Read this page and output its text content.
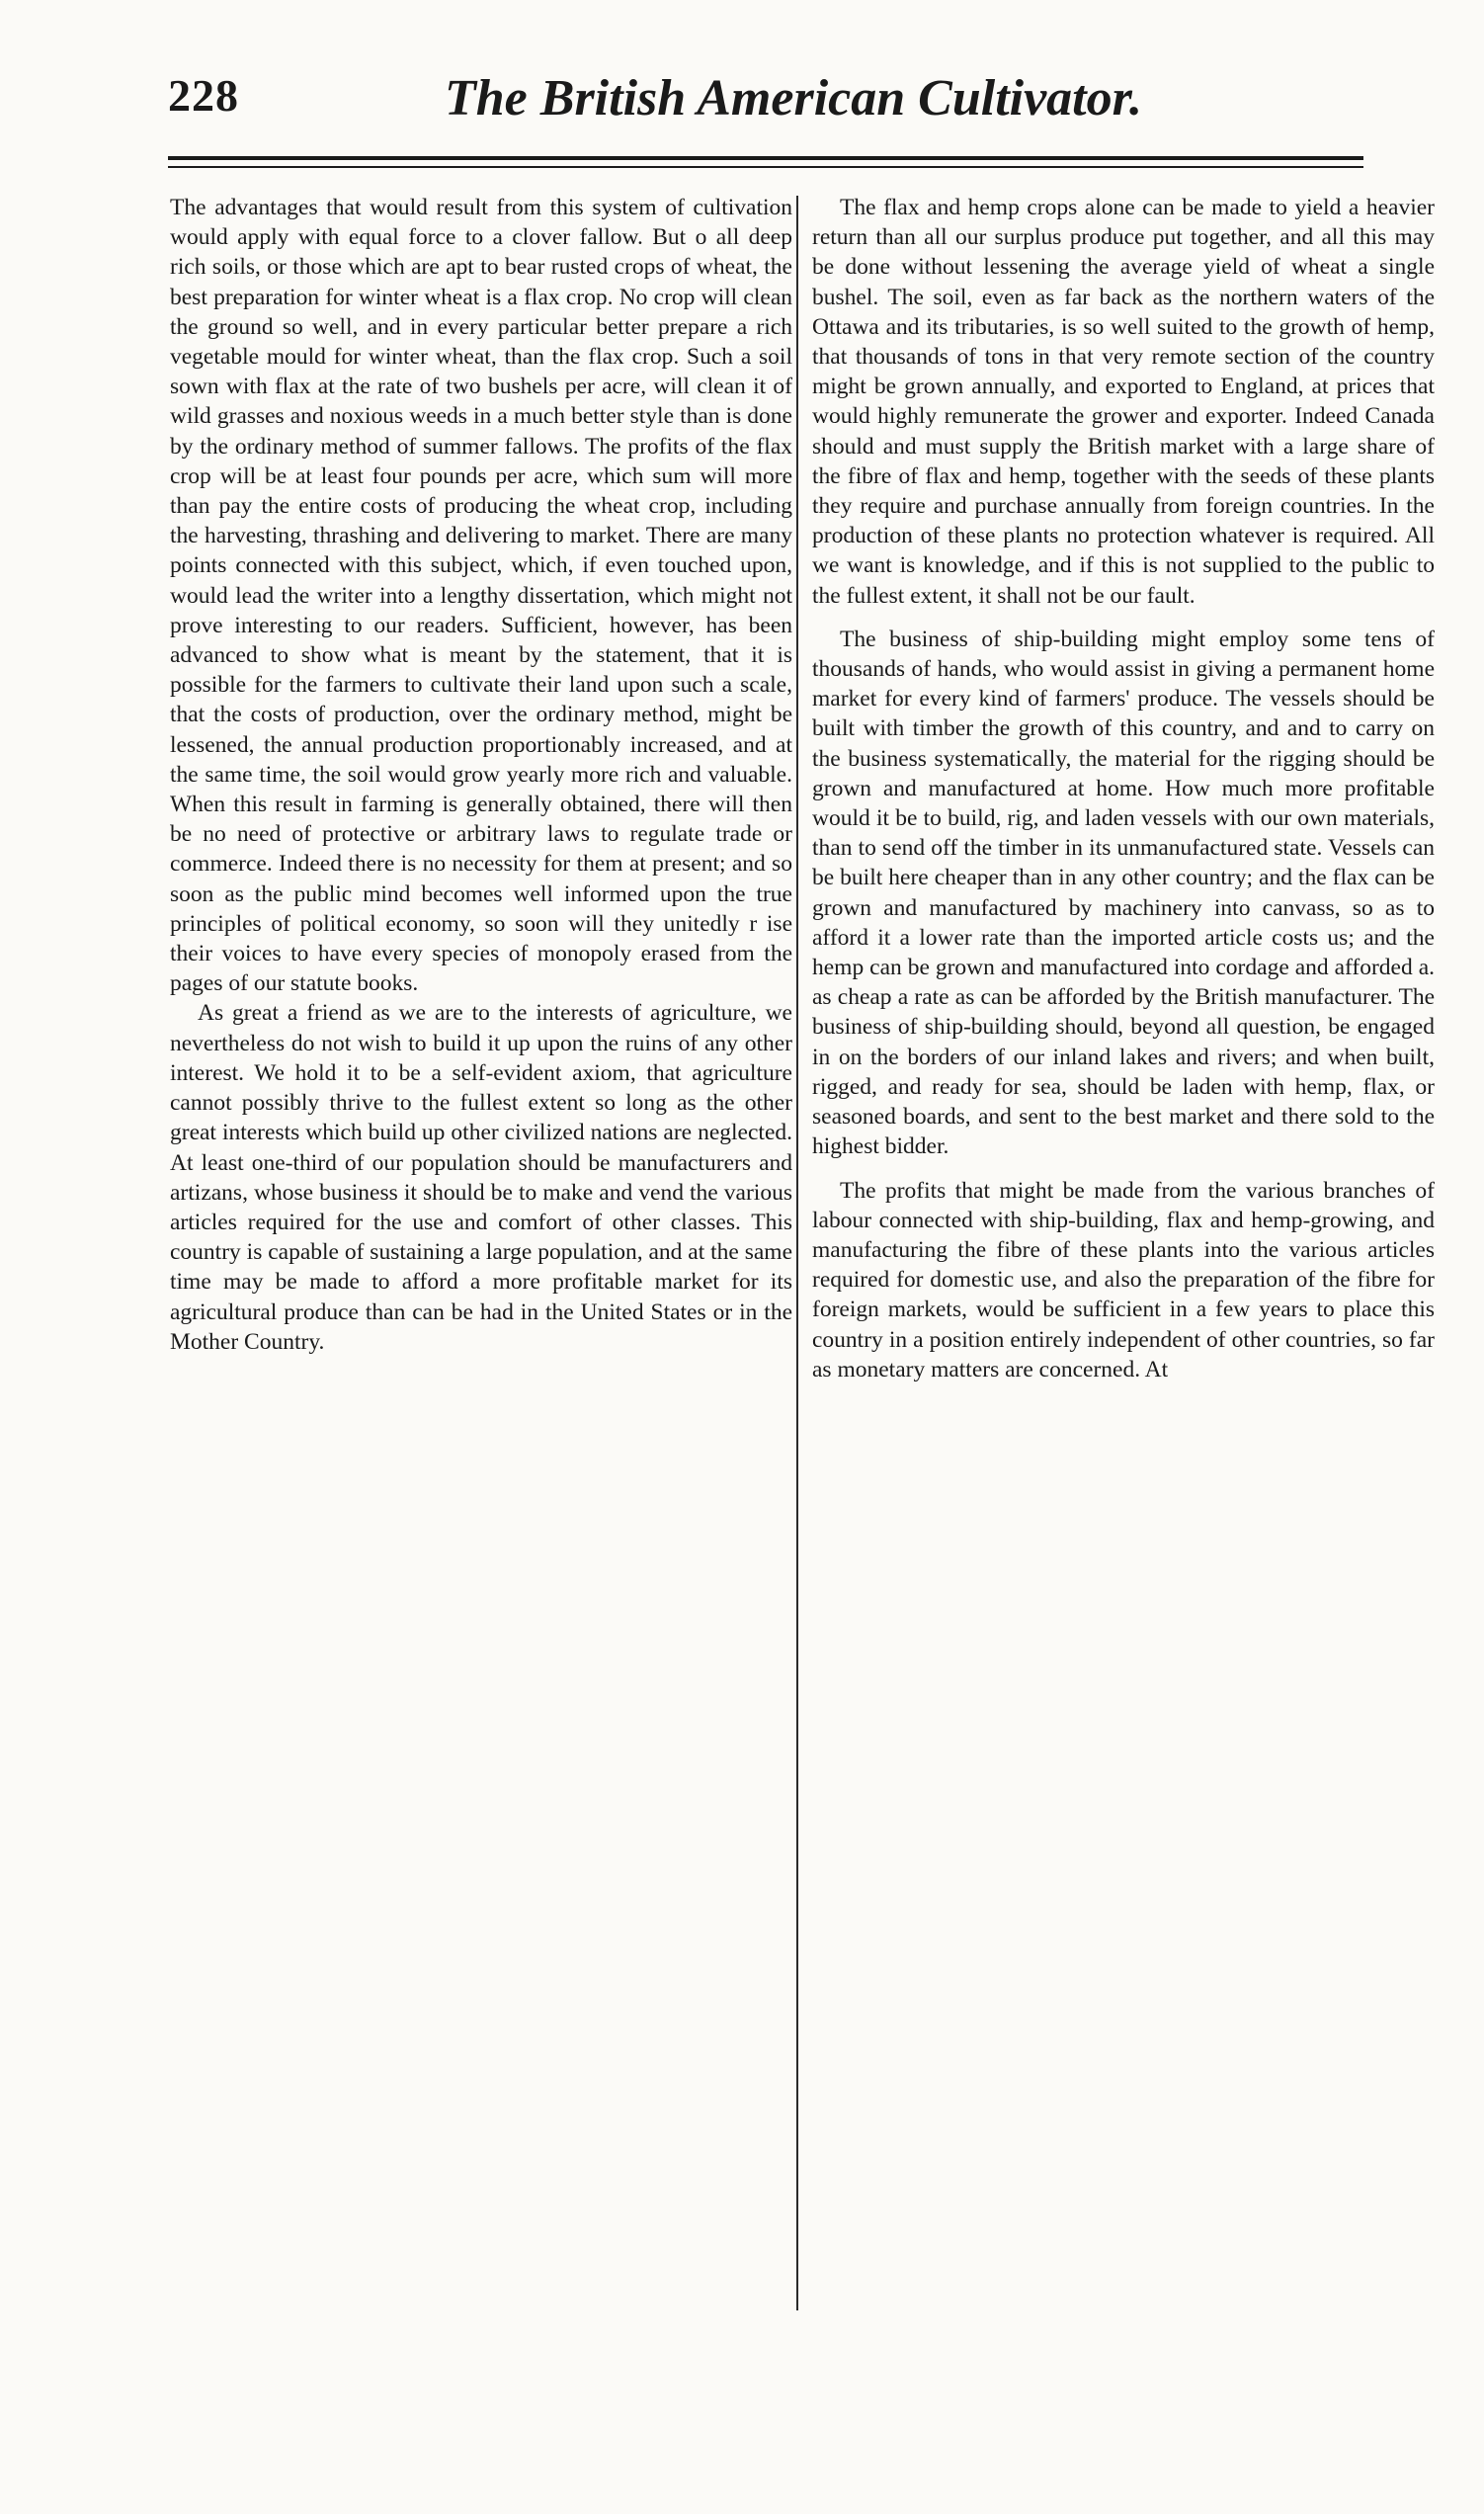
228	The British American Cultivator.

The advantages that would result from this system of cultivation would apply with equal force to a clover fallow. But o all deep rich soils, or those which are apt to bear rusted crops of wheat, the best preparation for winter wheat is a flax crop. No crop will clean the ground so well, and in every particular better prepare a rich vegetable mould for winter wheat, than the flax crop. Such a soil sown with flax at the rate of two bushels per acre, will clean it of wild grasses and noxious weeds in a much better style than is done by the ordinary method of summer fallows. The profits of the flax crop will be at least four pounds per acre, which sum will more than pay the entire costs of producing the wheat crop, including the harvesting, thrashing and delivering to market. There are many points connected with this subject, which, if even touched upon, would lead the writer into a lengthy dissertation, which might not prove interesting to our readers. Sufficient, however, has been advanced to show what is meant by the statement, that it is possible for the farmers to cultivate their land upon such a scale, that the costs of production, over the ordinary method, might be lessened, the annual production proportionably increased, and at the same time, the soil would grow yearly more rich and valuable. When this result in farming is generally obtained, there will then be no need of protective or arbitrary laws to regulate trade or commerce. Indeed there is no necessity for them at present; and so soon as the public mind becomes well informed upon the true principles of political economy, so soon will they unitedly r ise their voices to have every species of monopoly erased from the pages of our statute books.

As great a friend as we are to the interests of agriculture, we nevertheless do not wish to build it up upon the ruins of any other interest. We hold it to be a self-evident axiom, that agriculture cannot possibly thrive to the fullest extent so long as the other great interests which build up other civilized nations are neglected. At least one-third of our population should be manufacturers and artizans, whose business it should be to make and vend the various articles required for the use and comfort of other classes. This country is capable of sustaining a large population, and at the same time may be made to afford a more profitable market for its agricultural produce than can be had in the United States or in the Mother Country.

The flax and hemp crops alone can be made to yield a heavier return than all our surplus produce put together, and all this may be done without lessening the average yield of wheat a single bushel. The soil, even as far back as the northern waters of the Ottawa and its tributaries, is so well suited to the growth of hemp, that thousands of tons in that very remote section of the country might be grown annually, and exported to England, at prices that would highly remunerate the grower and exporter. Indeed Canada should and must supply the British market with a large share of the fibre of flax and hemp, together with the seeds of these plants they require and purchase annually from foreign countries. In the production of these plants no protection whatever is required. All we want is knowledge, and if this is not supplied to the public to the fullest extent, it shall not be our fault.

The business of ship-building might employ some tens of thousands of hands, who would assist in giving a permanent home market for every kind of farmers' produce. The vessels should be built with timber the growth of this country, and and to carry on the business systematically, the material for the rigging should be grown and manufactured at home. How much more profitable would it be to build, rig, and laden vessels with our own materials, than to send off the timber in its unmanufactured state. Vessels can be built here cheaper than in any other country; and the flax can be grown and manufactured by machinery into canvass, so as to afford it a lower rate than the imported article costs us; and the hemp can be grown and manufactured into cordage and afforded a. as cheap a rate as can be afforded by the British manufacturer. The business of ship-building should, beyond all question, be engaged in on the borders of our inland lakes and rivers; and when built, rigged, and ready for sea, should be laden with hemp, flax, or seasoned boards, and sent to the best market and there sold to the highest bidder.

The profits that might be made from the various branches of labour connected with ship-building, flax and hemp-growing, and manufacturing the fibre of these plants into the various articles required for domestic use, and also the preparation of the fibre for foreign markets, would be sufficient in a few years to place this country in a position entirely independent of other countries, so far as monetary matters are concerned. At
